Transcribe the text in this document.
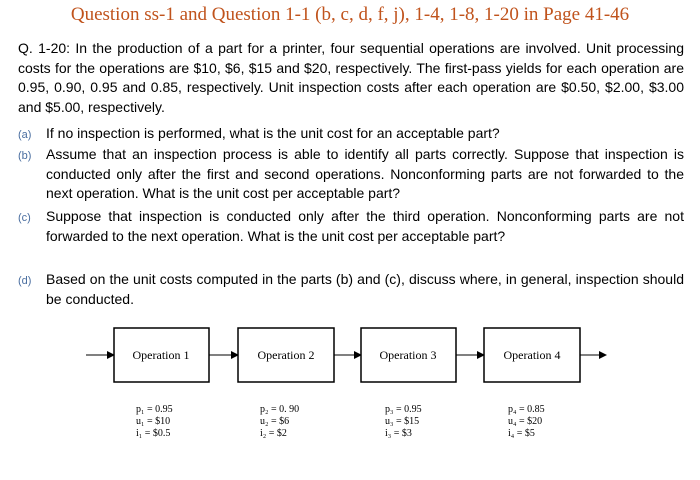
Question ss-1 and Question 1-1 (b, c, d, f, j), 1-4, 1-8, 1-20 in Page 41-46
Q. 1-20: In the production of a part for a printer, four sequential operations are involved. Unit processing costs for the operations are $10, $6, $15 and $20, respectively. The first-pass yields for each operation are 0.95, 0.90, 0.95 and 0.85, respectively. Unit inspection costs after each operation are $0.50, $2.00, $3.00 and $5.00, respectively.
(a) If no inspection is performed, what is the unit cost for an acceptable part?
(b) Assume that an inspection process is able to identify all parts correctly. Suppose that inspection is conducted only after the first and second operations. Nonconforming parts are not forwarded to the next operation. What is the unit cost per acceptable part?
(c) Suppose that inspection is conducted only after the third operation. Nonconforming parts are not forwarded to the next operation. What is the unit cost per acceptable part?
(d) Based on the unit costs computed in the parts (b) and (c), discuss where, in general, inspection should be conducted.
Operation 1	Operation 2	Operation 3	Operation 4
p₁ = 0.95
u₁ = $10
i₁ = $0.5
p₂ = 0. 90
u₂ = $6
i₂ = $2
p₃ = 0.95
u₃ = $15
i₃ = $3
p₄ = 0.85
u₄ = $20
i₄ = $5
